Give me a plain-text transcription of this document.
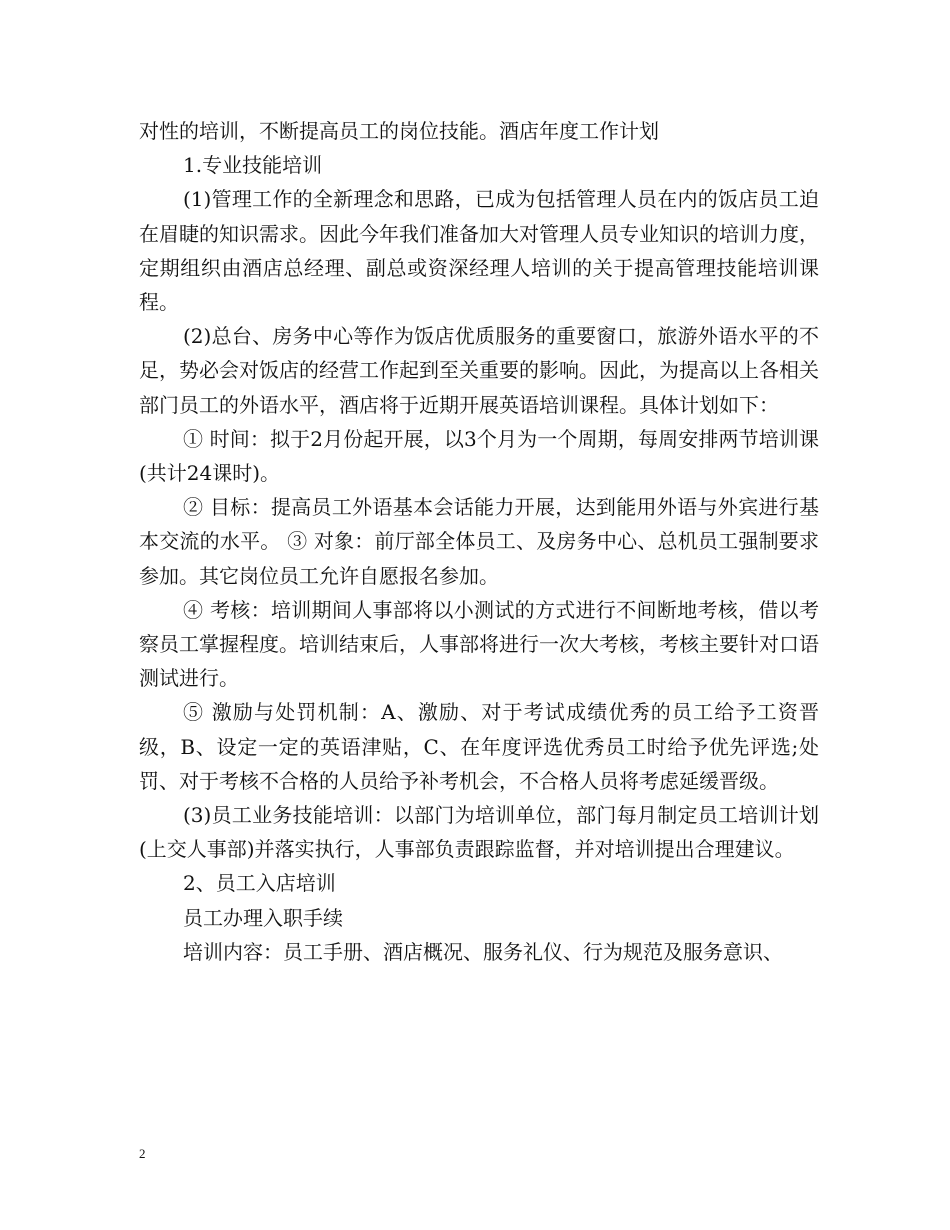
对性的培训，不断提高员工的岗位技能。酒店年度工作计划

1.专业技能培训

(1)管理工作的全新理念和思路，已成为包括管理人员在内的饭店员工迫在眉睫的知识需求。因此今年我们准备加大对管理人员专业知识的培训力度，定期组织由酒店总经理、副总或资深经理人培训的关于提高管理技能培训课程。

(2)总台、房务中心等作为饭店优质服务的重要窗口，旅游外语水平的不足，势必会对饭店的经营工作起到至关重要的影响。因此，为提高以上各相关部门员工的外语水平，酒店将于近期开展英语培训课程。具体计划如下：

① 时间：拟于2月份起开展，以3个月为一个周期，每周安排两节培训课(共计24课时)。

② 目标：提高员工外语基本会话能力开展，达到能用外语与外宾进行基本交流的水平。 ③ 对象：前厅部全体员工、及房务中心、总机员工强制要求参加。其它岗位员工允许自愿报名参加。

④ 考核：培训期间人事部将以小测试的方式进行不间断地考核，借以考察员工掌握程度。培训结束后，人事部将进行一次大考核，考核主要针对口语测试进行。

⑤ 激励与处罚机制：A、激励、对于考试成绩优秀的员工给予工资晋级，B、设定一定的英语津贴，C、在年度评选优秀员工时给予优先评选;处罚、对于考核不合格的人员给予补考机会，不合格人员将考虑延缓晋级。

(3)员工业务技能培训：以部门为培训单位，部门每月制定员工培训计划(上交人事部)并落实执行，人事部负责跟踪监督，并对培训提出合理建议。

2、员工入店培训

员工办理入职手续

培训内容：员工手册、酒店概况、服务礼仪、行为规范及服务意识、

2
